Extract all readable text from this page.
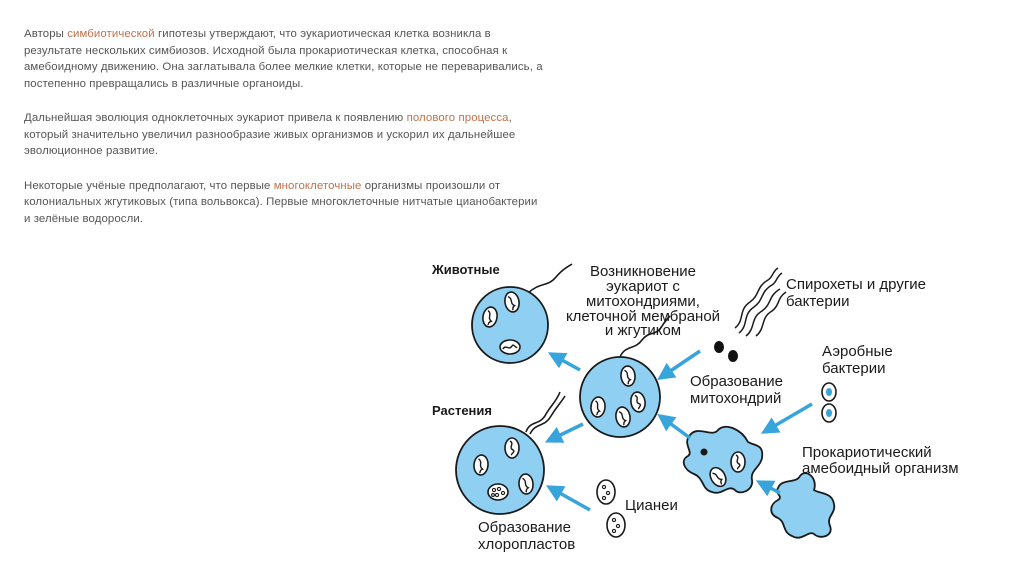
Авторы симбиотической гипотезы утверждают, что эукариотическая клетка возникла в результате нескольких симбиозов. Исходной была прокариотическая клетка, способная к амебоидному движению. Она заглатывала более мелкие клетки, которые не переваривались, а постепенно превращались в различные органоиды.

Дальнейшая эволюция одноклеточных эукариот привела к появлению полового процесса, который значительно увеличил разнообразие живых организмов и ускорил их дальнейшее эволюционное развитие.

Некоторые учёные предполагают, что первые многоклеточные организмы произошли от колониальных жгутиковых (типа вольвокса). Первые многоклеточные нитчатые цианобактерии и зелёные водоросли.

Животные
Растения
Возникновение
эукариот с
митохондриями,
клеточной мембраной
и жгутиком
Спирохеты и другие
бактерии
Аэробные
бактерии
Образование
митохондрий
Прокариотический
амебоидный организм
Цианеи
Образование
хлоропластов
